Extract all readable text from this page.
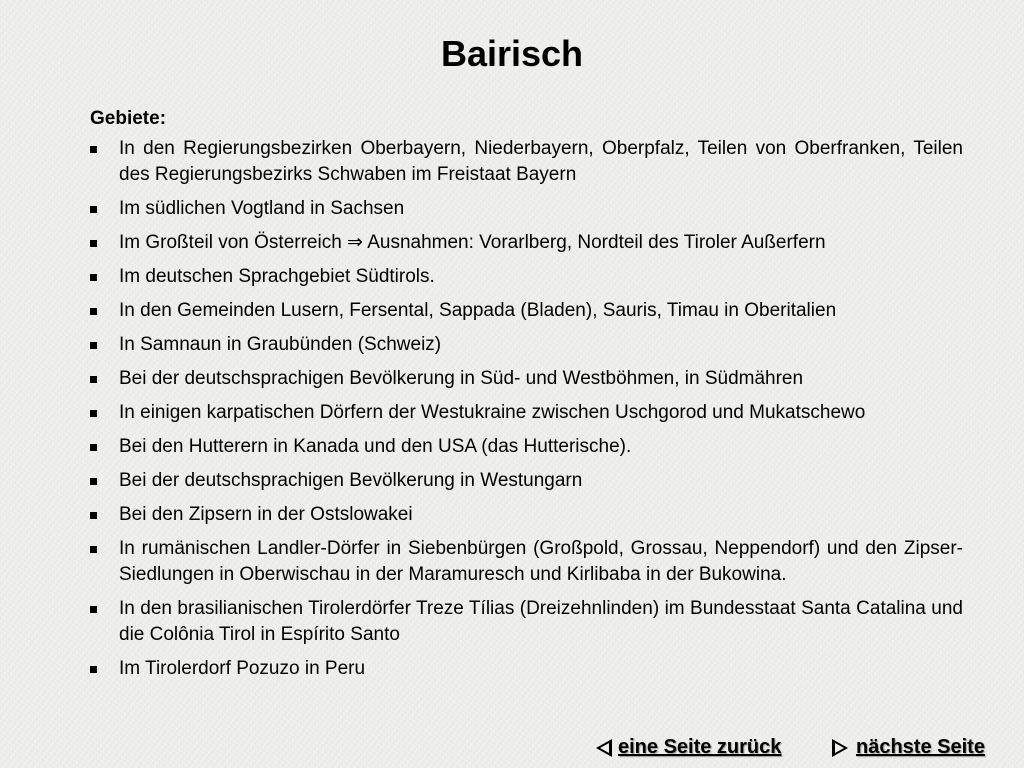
Bairisch
Gebiete:
In den Regierungsbezirken Oberbayern, Niederbayern, Oberpfalz, Teilen von Oberfranken, Teilen des Regierungsbezirks Schwaben im Freistaat Bayern
Im südlichen Vogtland in Sachsen
Im Großteil von Österreich ⇒ Ausnahmen: Vorarlberg, Nordteil des Tiroler Außerfern
Im deutschen Sprachgebiet Südtirols.
In den Gemeinden Lusern, Fersental, Sappada (Bladen), Sauris, Timau in Oberitalien
In Samnaun in Graubünden (Schweiz)
Bei der deutschsprachigen Bevölkerung in Süd- und Westböhmen, in Südmähren
In einigen karpatischen Dörfern der Westukraine zwischen Uschgorod und Mukatschewo
Bei den Hutterern in Kanada und den USA (das Hutterische).
Bei der deutschsprachigen Bevölkerung in Westungarn
Bei den Zipsern in der Ostslowakei
In rumänischen Landler-Dörfer in Siebenbürgen (Großpold, Grossau, Neppendorf) und den Zipser-Siedlungen in Oberwischau in der Maramuresch und Kirlibaba in der Bukowina.
In den brasilianischen Tirolerdörfer Treze Tílias (Dreizehnlinden) im Bundesstaat Santa Catalina und die Colônia Tirol in Espírito Santo
Im Tirolerdorf Pozuzo in Peru
eine Seite zurück	nächste Seite
